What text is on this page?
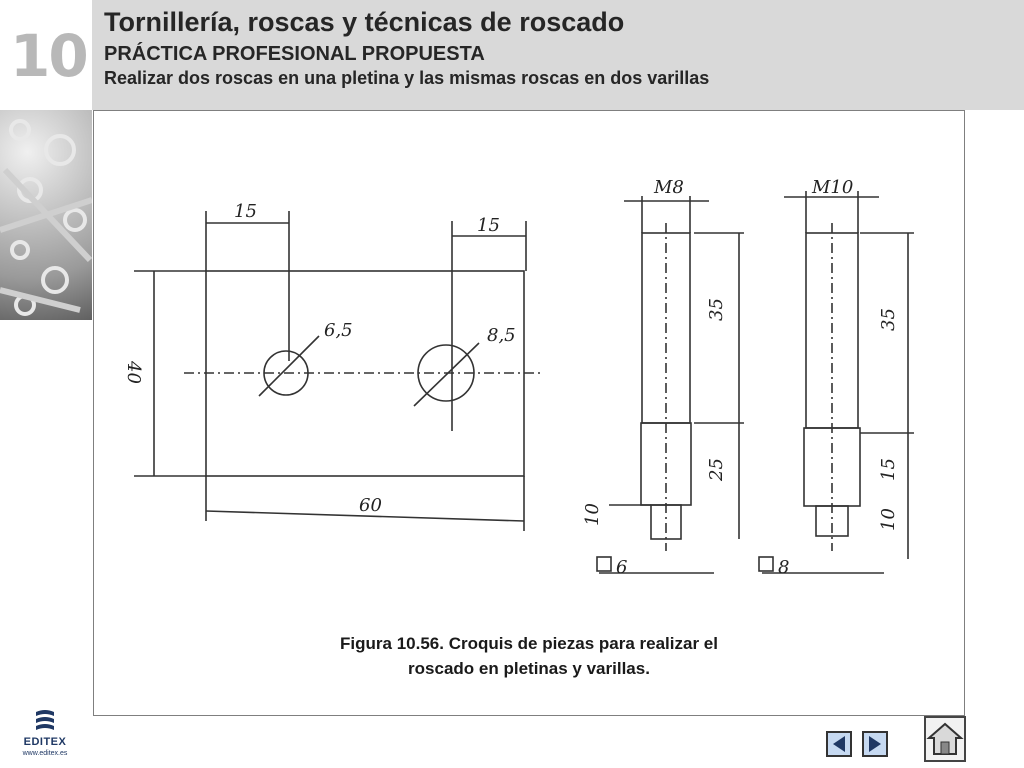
10 Tornillería, roscas y técnicas de roscado
PRÁCTICA PROFESIONAL PROPUESTA
Realizar dos roscas en una pletina y las mismas roscas en dos varillas
15
15
6,5	8,5
60
40
M8
35
25
10
6
M10
35
15
10
8
Figura 10.56. Croquis de piezas para realizar el
roscado en pletinas y varillas.
EDITEX
www.editex.es
